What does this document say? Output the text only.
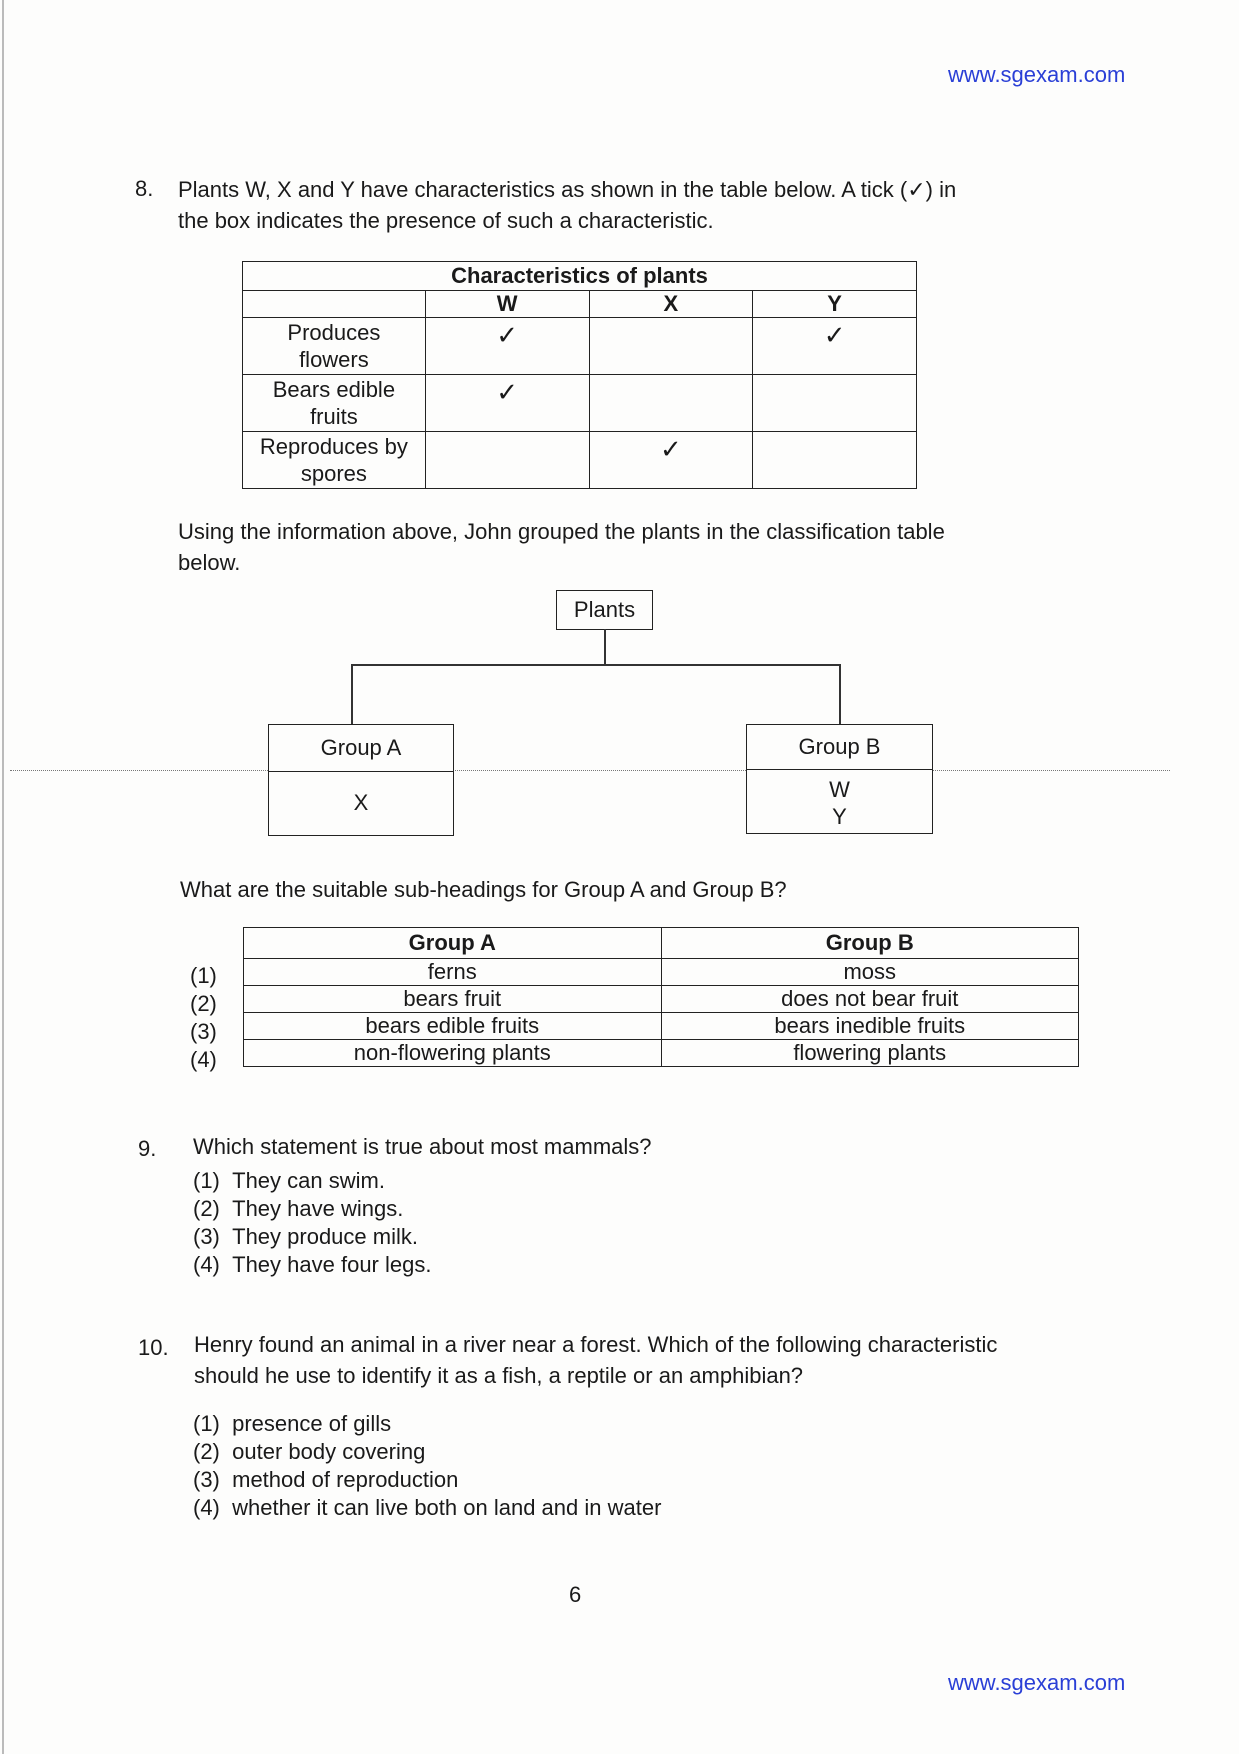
www.sgexam.com
8. Plants W, X and Y have characteristics as shown in the table below. A tick (✓) in
the box indicates the presence of such a characteristic.
Characteristics of plants			
	W	X	Y

Produces
flowers	✓		✓

Bears edible
fruits	✓		

Reproduces by
spores		✓	
Using the information above, John grouped the plants in the classification table
below.
Plants
Group A
X
Group B
W
Y
What are the suitable sub-headings for Group A and Group B?
(1)
(2)
(3)
(4)
Group A	Group B
ferns	moss
bears fruit	does not bear fruit
bears edible fruits	bears inedible fruits
non-flowering plants	flowering plants
9. Which statement is true about most mammals?
(1) They can swim.
(2) They have wings.
(3) They produce milk.
(4) They have four legs.
10. Henry found an animal in a river near a forest. Which of the following characteristic
should he use to identify it as a fish, a reptile or an amphibian?
(1) presence of gills
(2) outer body covering
(3) method of reproduction
(4) whether it can live both on land and in water
6
www.sgexam.com
